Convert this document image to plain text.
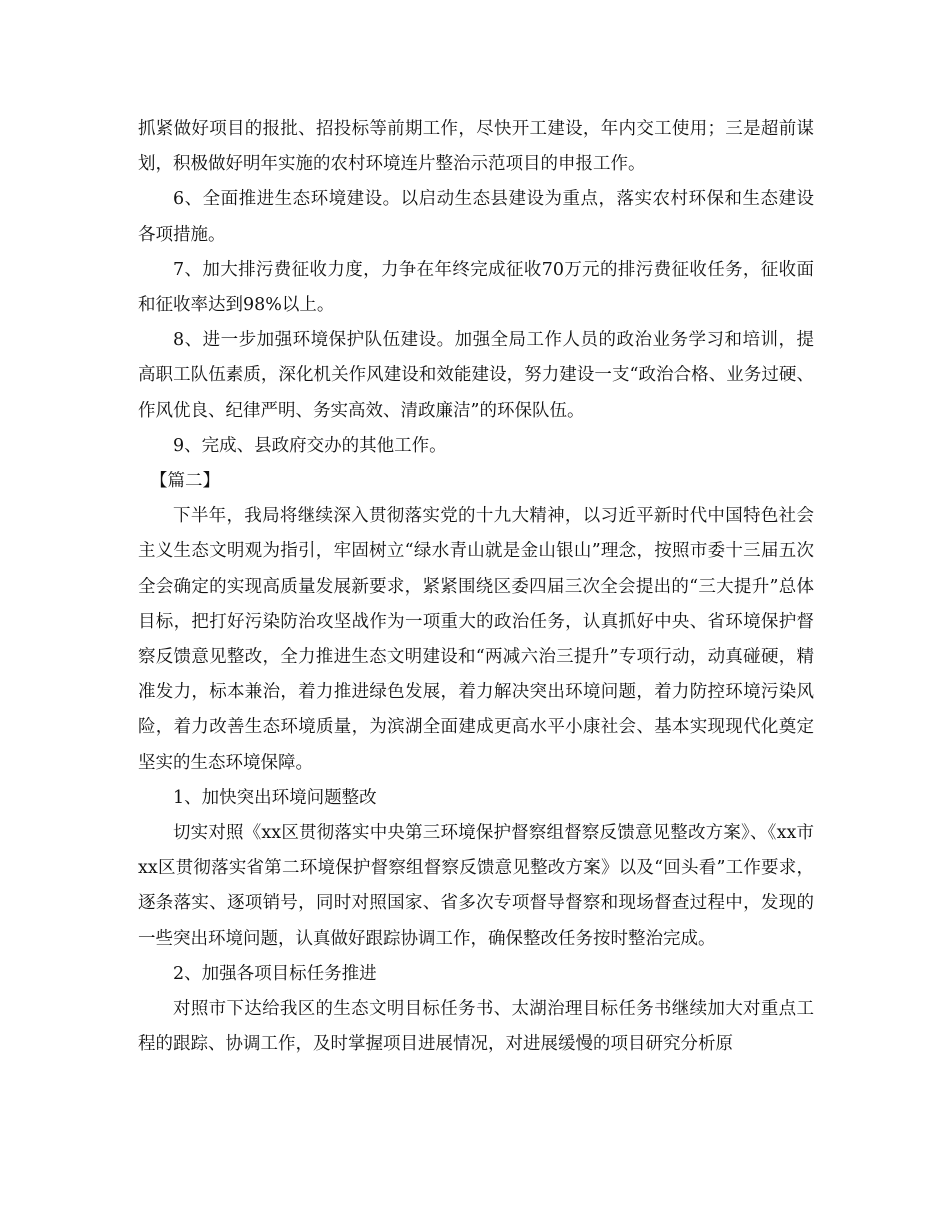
抓紧做好项目的报批、招投标等前期工作，尽快开工建设，年内交工使用；三是超前谋划，积极做好明年实施的农村环境连片整治示范项目的申报工作。

6、全面推进生态环境建设。以启动生态县建设为重点，落实农村环保和生态建设各项措施。

7、加大排污费征收力度，力争在年终完成征收70万元的排污费征收任务，征收面和征收率达到98%以上。

8、进一步加强环境保护队伍建设。加强全局工作人员的政治业务学习和培训，提高职工队伍素质，深化机关作风建设和效能建设，努力建设一支“政治合格、业务过硬、作风优良、纪律严明、务实高效、清政廉洁”的环保队伍。

9、完成、县政府交办的其他工作。

【篇二】

下半年，我局将继续深入贯彻落实党的十九大精神，以习近平新时代中国特色社会主义生态文明观为指引，牢固树立“绿水青山就是金山银山”理念，按照市委十三届五次全会确定的实现高质量发展新要求，紧紧围绕区委四届三次全会提出的“三大提升”总体目标，把打好污染防治攻坚战作为一项重大的政治任务，认真抓好中央、省环境保护督察反馈意见整改，全力推进生态文明建设和“两减六治三提升”专项行动，动真碰硬，精准发力，标本兼治，着力推进绿色发展，着力解决突出环境问题，着力防控环境污染风险，着力改善生态环境质量，为滨湖全面建成更高水平小康社会、基本实现现代化奠定坚实的生态环境保障。

1、加快突出环境问题整改

切实对照《xx区贯彻落实中央第三环境保护督察组督察反馈意见整改方案》、《xx市xx区贯彻落实省第二环境保护督察组督察反馈意见整改方案》以及“回头看”工作要求，逐条落实、逐项销号，同时对照国家、省多次专项督导督察和现场督查过程中，发现的一些突出环境问题，认真做好跟踪协调工作，确保整改任务按时整治完成。

2、加强各项目标任务推进

对照市下达给我区的生态文明目标任务书、太湖治理目标任务书继续加大对重点工程的跟踪、协调工作，及时掌握项目进展情况，对进展缓慢的项目研究分析原
